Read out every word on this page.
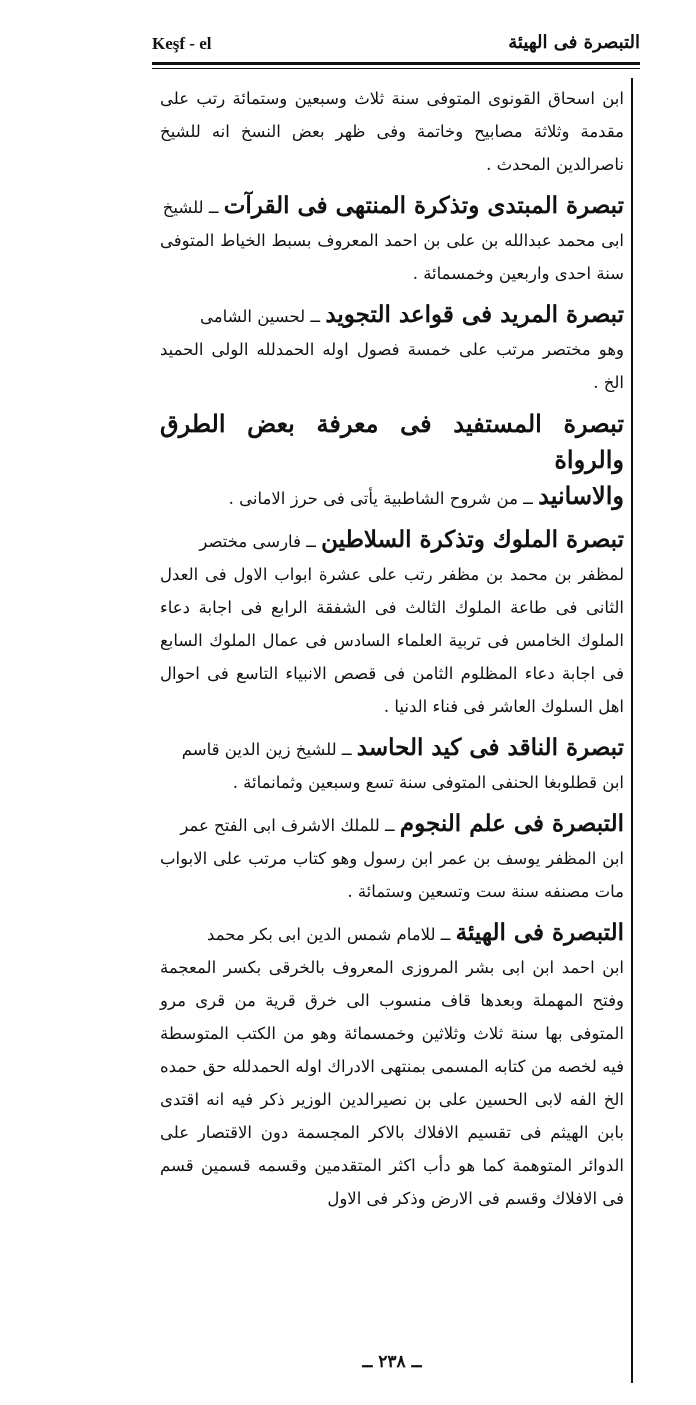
Keşf - el	التبصرة فى الهيئة

ابن اسحاق القونوى المتوفى سنة ثلاث وسبعين وستمائة رتب على مقدمة وثلاثة مصابيح وخاتمة وفى ظهر بعض النسخ انه للشيخ ناصرالدين المحدث .

تبصرة المبتدى وتذكرة المنتهى فى القرآت ــ للشيخ

ابى محمد عبدالله بن على بن احمد المعروف بسبط الخياط المتوفى سنة احدى واربعين وخمسمائة .

تبصرة المريد فى قواعد التجويد ــ لحسين الشامى

وهو مختصر مرتب على خمسة فصول اوله الحمدلله الولى الحميد الخ .

تبصرة المستفيد فى معرفة بعض الطرق والرواة

والاسانيد ــ من شروح الشاطبية يأتى فى حرز الامانى .

تبصرة الملوك وتذكرة السلاطين ــ فارسى مختصر

لمظفر بن محمد بن مظفر رتب على عشرة ابواب الاول فى العدل الثانى فى طاعة الملوك الثالث فى الشفقة الرابع فى اجابة دعاء الملوك الخامس فى تربية العلماء السادس فى عمال الملوك السابع فى اجابة دعاء المظلوم الثامن فى قصص الانبياء التاسع فى احوال اهل السلوك العاشر فى فناء الدنيا .

تبصرة الناقد فى كيد الحاسد ــ للشيخ زين الدين قاسم

ابن قطلوبغا الحنفى المتوفى سنة تسع وسبعين وثمانمائة .

التبصرة فى علم النجوم ــ للملك الاشرف ابى الفتح عمر

ابن المظفر يوسف بن عمر ابن رسول وهو كتاب مرتب على الابواب مات مصنفه سنة ست وتسعين وستمائة .

التبصرة فى الهيئة ــ للامام شمس الدين ابى بكر محمد

ابن احمد ابن ابى بشر المروزى المعروف بالخرقى بكسر المعجمة وفتح المهملة وبعدها قاف منسوب الى خرق قرية من قرى مرو المتوفى بها سنة ثلاث وثلاثين وخمسمائة وهو من الكتب المتوسطة فيه لخصه من كتابه المسمى بمنتهى الادراك اوله الحمدلله حق حمده الخ الفه لابى الحسين على بن نصيرالدين الوزير ذكر فيه انه اقتدى بابن الهيثم فى تقسيم الافلاك بالاكر المجسمة دون الاقتصار على الدوائر المتوهمة كما هو دأب اكثر المتقدمين وقسمه قسمين قسم فى الافلاك وقسم فى الارض وذكر فى الاول

ــ ٢٣٨ ــ
